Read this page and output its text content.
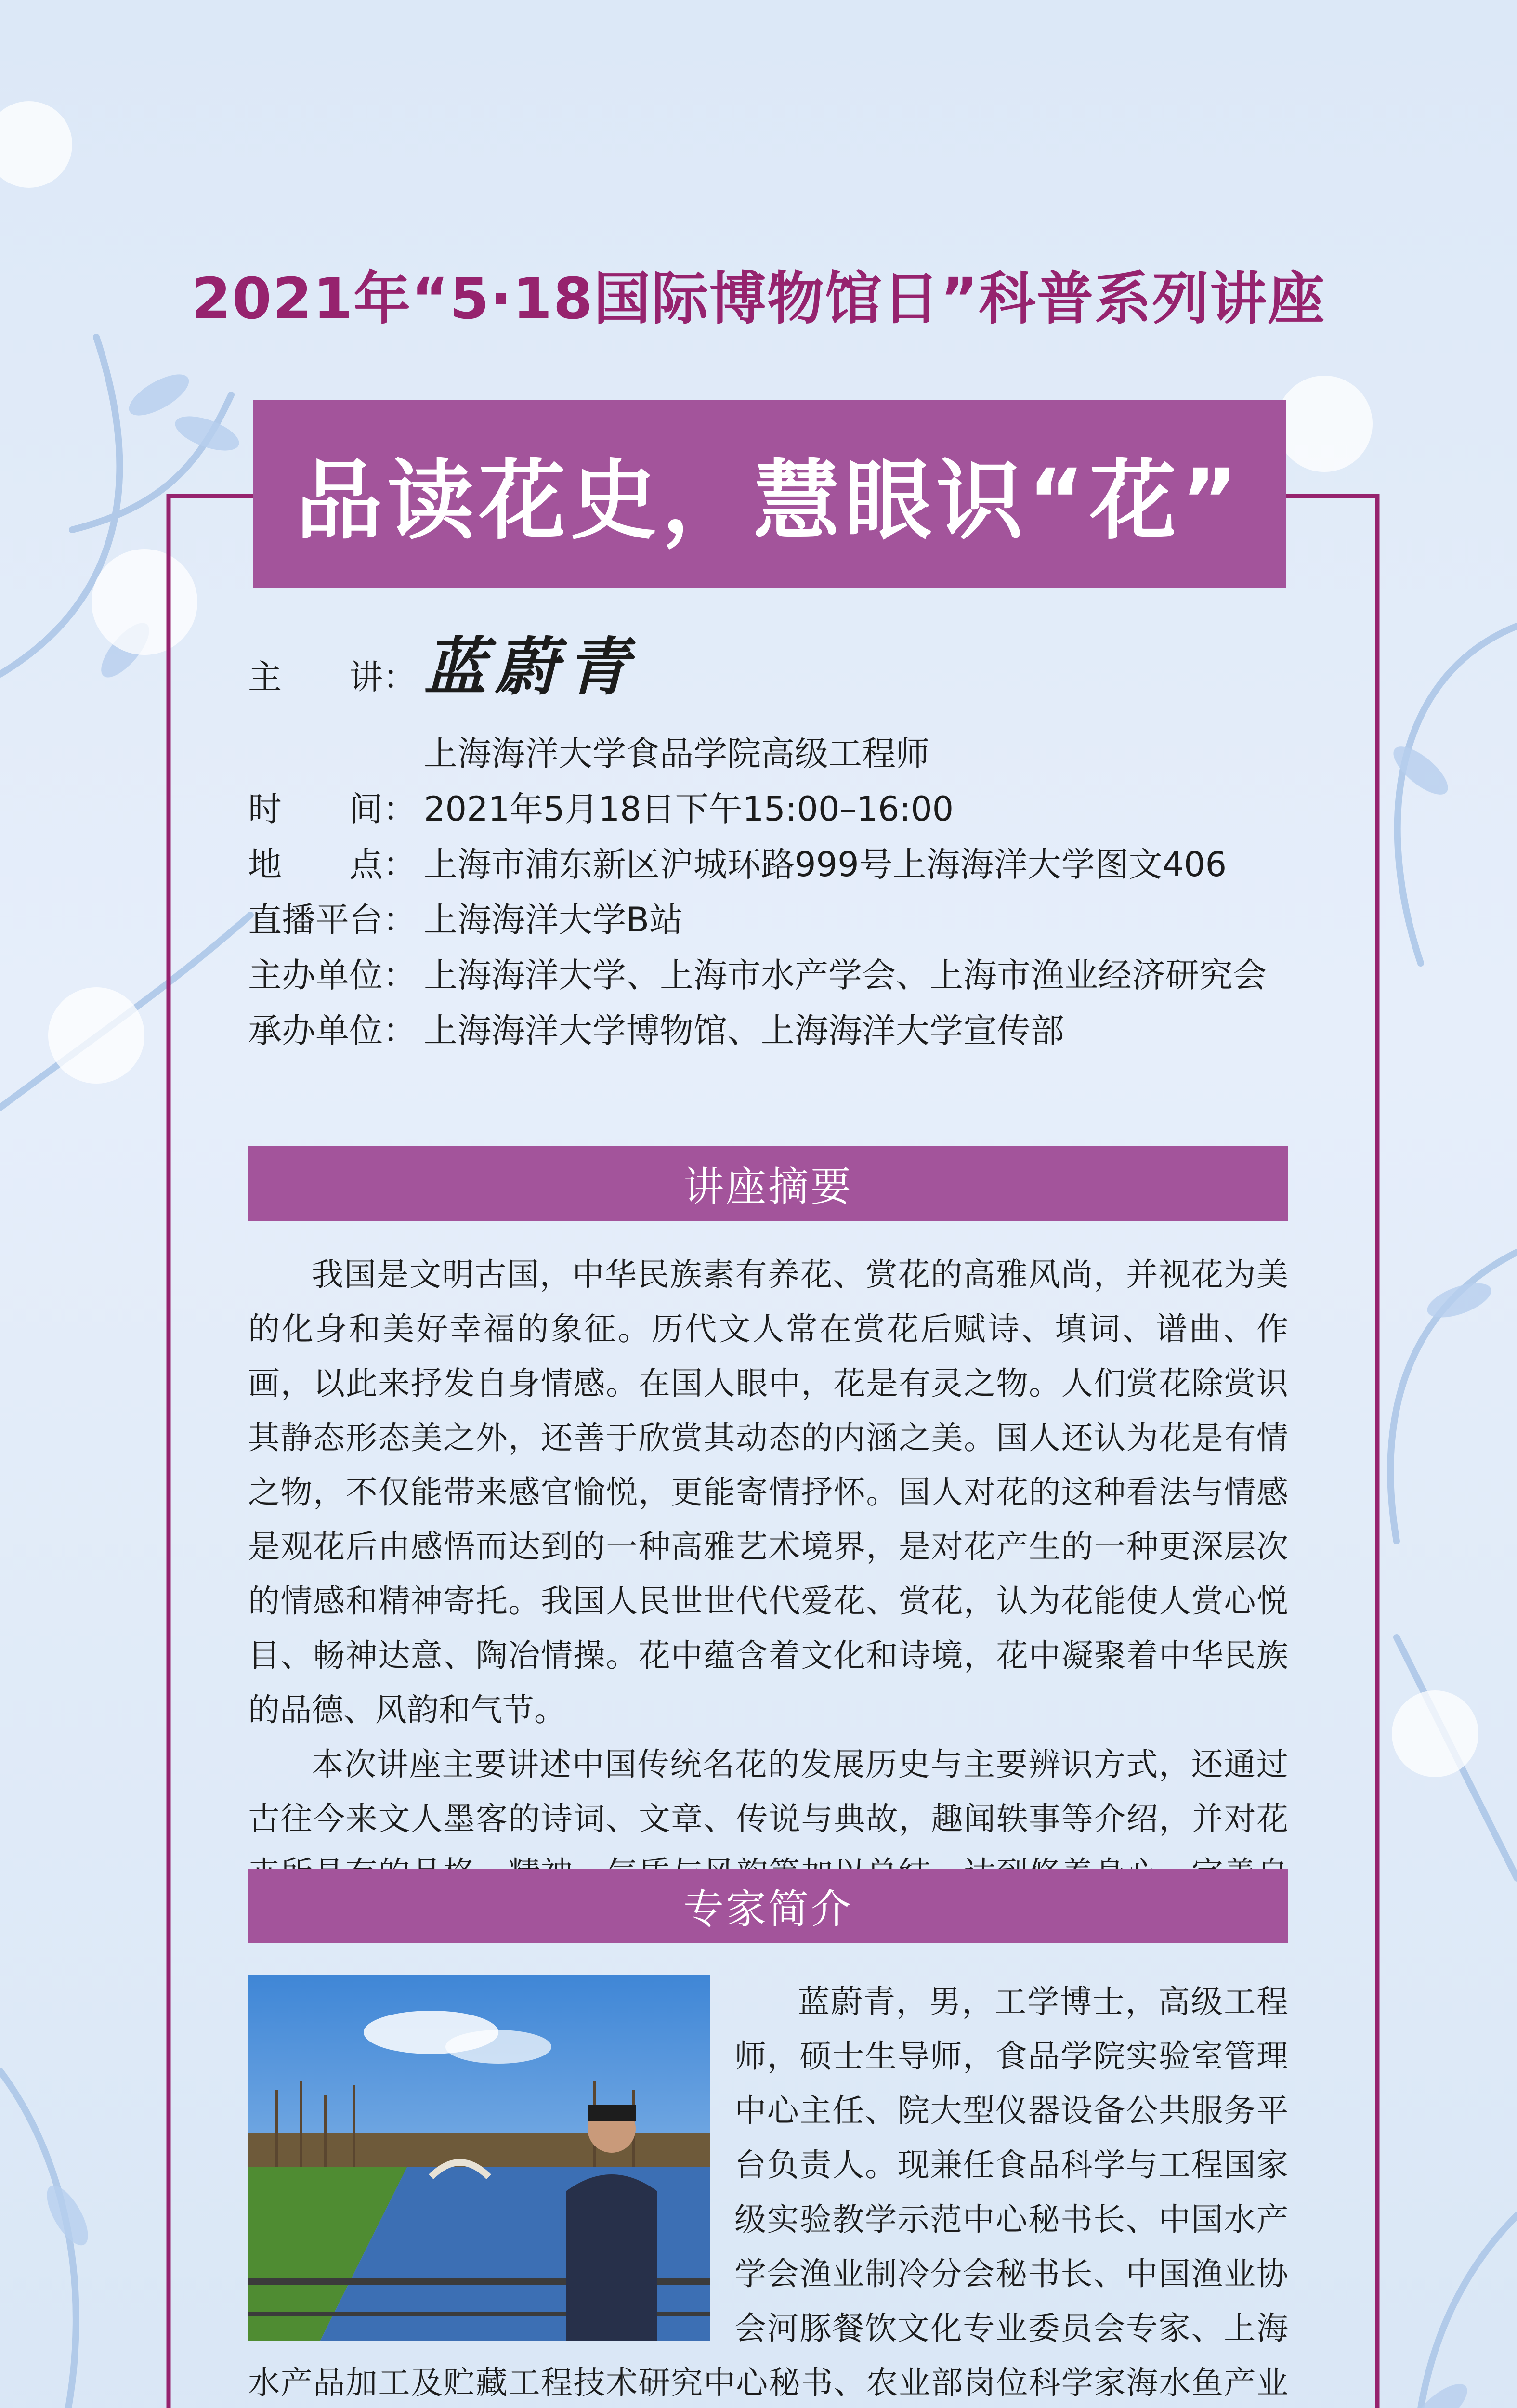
2021年“5·18国际博物馆日”科普系列讲座
品读花史，慧眼识“花”
主　　讲： 蓝蔚青
上海海洋大学食品学院高级工程师
时　　间： 2021年5月18日下午15:00–16:00
地　　点： 上海市浦东新区沪城环路999号上海海洋大学图文406
直播平台： 上海海洋大学B站
主办单位： 上海海洋大学、上海市水产学会、上海市渔业经济研究会
承办单位： 上海海洋大学博物馆、上海海洋大学宣传部
讲座摘要

我国是文明古国，中华民族素有养花、赏花的高雅风尚，并视花为美的化身和美好幸福的象征。历代文人常在赏花后赋诗、填词、谱曲、作画，以此来抒发自身情感。在国人眼中，花是有灵之物。人们赏花除赏识其静态形态美之外，还善于欣赏其动态的内涵之美。国人还认为花是有情之物，不仅能带来感官愉悦，更能寄情抒怀。国人对花的这种看法与情感是观花后由感悟而达到的一种高雅艺术境界，是对花产生的一种更深层次的情感和精神寄托。我国人民世世代代爱花、赏花，认为花能使人赏心悦目、畅神达意、陶冶情操。花中蕴含着文化和诗境，花中凝聚着中华民族的品德、风韵和气节。

本次讲座主要讲述中国传统名花的发展历史与主要辨识方式，还通过古往今来文人墨客的诗词、文章、传说与典故，趣闻轶事等介绍，并对花

专家简介

蓝蔚青，男，工学博士，高级工程师，硕士生导师，食品学院实验室管理中心主任、院大型仪器设备公共服务平台负责人。现兼任食品科学与工程国家级实验教学示范中心秘书长、中国水产学会渔业制冷分会秘书长、中国渔业协会河豚餐饮文化专业委员会专家、上海水产品加工及贮藏工程技术研究中心秘书、农业部岗位科学家海水鱼产业
